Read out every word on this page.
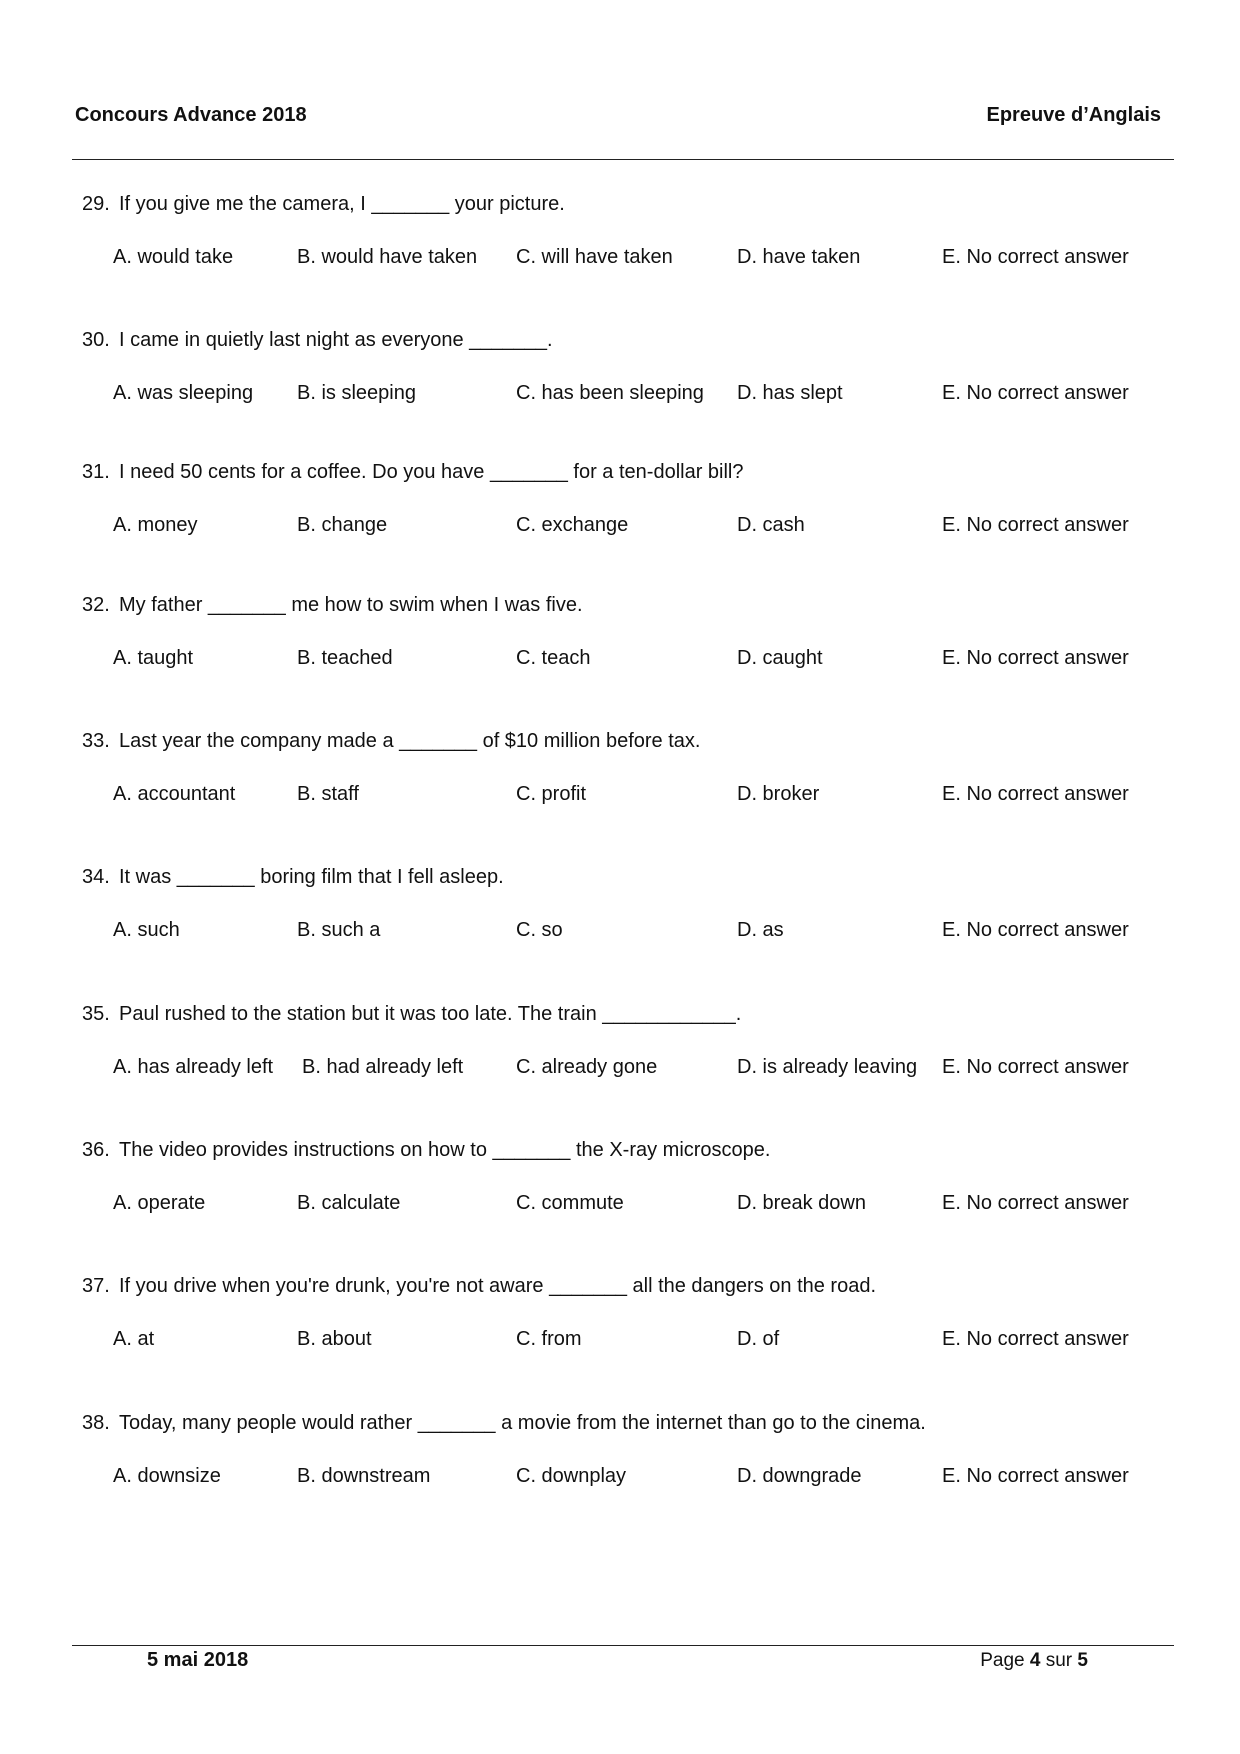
Concours Advance 2018	Epreuve d’Anglais
29. If you give me the camera, I _______ your picture.
A. would take	B. would have taken C. will have taken	D. have taken	E. No correct answer
30. I came in quietly last night as everyone _______.
A. was sleeping B. is sleeping	C. has been sleeping D. has slept	E. No correct answer
31. I need 50 cents for a coffee. Do you have _______ for a ten-dollar bill?
A. money	B. change	C. exchange	D. cash	E. No correct answer
32. My father _______ me how to swim when I was five.
A. taught	B. teached	C. teach	D. caught	E. No correct answer
33. Last year the company made a _______ of $10 million before tax.
A. accountant	B. staff	C. profit	D. broker	E. No correct answer
34. It was _______ boring film that I fell asleep.
A. such	B. such a	C. so	D. as	E. No correct answer
35. Paul rushed to the station but it was too late. The train ____________.
A. has already left B. had already left	C. already gone	D. is already leaving E. No correct answer
36. The video provides instructions on how to _______ the X-ray microscope.
A. operate	B. calculate	C. commute	D. break down	E. No correct answer
37. If you drive when you're drunk, you're not aware _______ all the dangers on the road.
A. at	B. about	C. from	D. of	E. No correct answer
38. Today, many people would rather _______ a movie from the internet than go to the cinema.
A. downsize	B. downstream	C. downplay	D. downgrade	E. No correct answer
5 mai 2018	Page 4 sur 5
